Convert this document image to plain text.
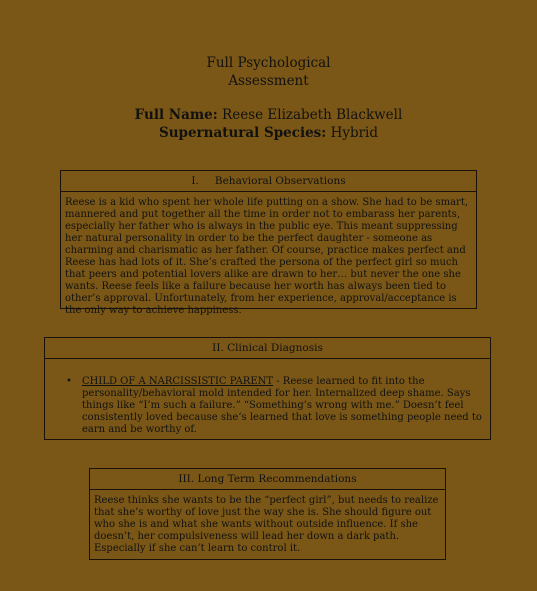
Full Psychological
Assessment
Full Name: Reese Elizabeth Blackwell
Supernatural Species: Hybrid
I. Behavioral Observations
Reese is a kid who spent her whole life putting on a show. She had to be smart, mannered and put together all the time in order not to embarass her parents, especially her father who is always in the public eye. This meant suppressing her natural personality in order to be the perfect daughter - someone as charming and charismatic as her father. Of course, practice makes perfect and Reese has had lots of it. She’s crafted the persona of the perfect girl so much that peers and potential lovers alike are drawn to her… but never the one she wants. Reese feels like a failure because her worth has always been tied to other’s approval. Unfortunately, from her experience, approval/acceptance is the only way to achieve happiness.
II. Clinical Diagnosis
•	CHILD OF A NARCISSISTIC PARENT - Reese learned to fit into the personality/behavioral mold intended for her. Internalized deep shame. Says things like “I’m such a failure.” “Something’s wrong with me.” Doesn’t feel consistently loved because she’s learned that love is something people need to earn and be worthy of.
III. Long Term Recommendations
Reese thinks she wants to be the “perfect girl”, but needs to realize that she’s worthy of love just the way she is. She should figure out who she is and what she wants without outside influence. If she doesn’t, her compulsiveness will lead her down a dark path. Especially if she can’t learn to control it.
